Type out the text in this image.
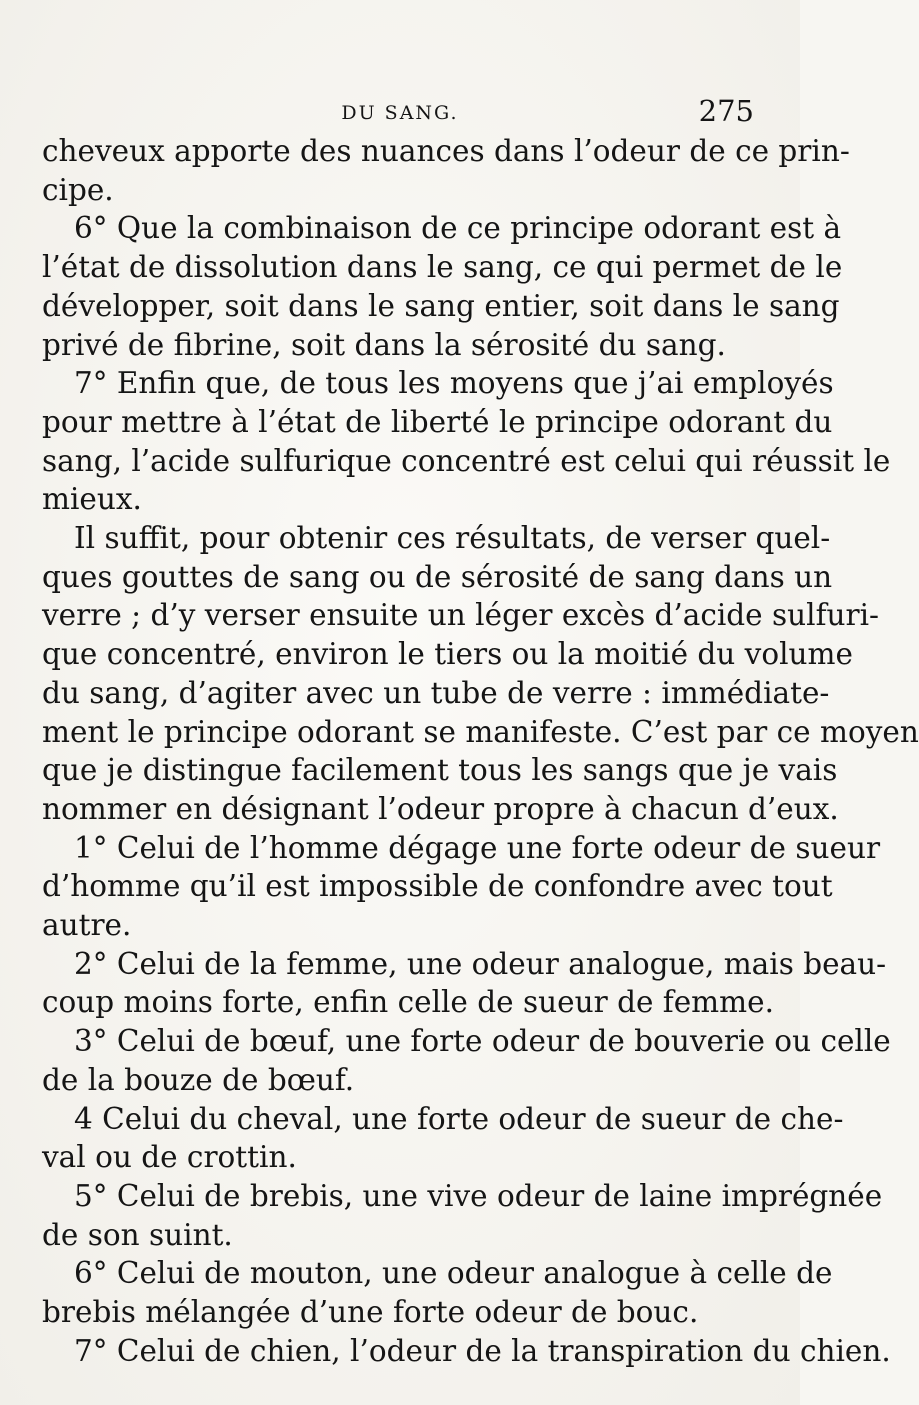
DU SANG.	275
cheveux apporte des nuances dans l’odeur de ce prin-
cipe.
6° Que la combinaison de ce principe odorant est à
l’état de dissolution dans le sang, ce qui permet de le
développer, soit dans le sang entier, soit dans le sang
privé de fibrine, soit dans la sérosité du sang.
7° Enfin que, de tous les moyens que j’ai employés
pour mettre à l’état de liberté le principe odorant du
sang, l’acide sulfurique concentré est celui qui réussit le
mieux.
Il suffit, pour obtenir ces résultats, de verser quel-
ques gouttes de sang ou de sérosité de sang dans un
verre ; d’y verser ensuite un léger excès d’acide sulfuri-
que concentré, environ le tiers ou la moitié du volume
du sang, d’agiter avec un tube de verre : immédiate-
ment le principe odorant se manifeste. C’est par ce moyen
que je distingue facilement tous les sangs que je vais
nommer en désignant l’odeur propre à chacun d’eux.
1° Celui de l’homme dégage une forte odeur de sueur
d’homme qu’il est impossible de confondre avec tout
autre.
2° Celui de la femme, une odeur analogue, mais beau-
coup moins forte, enfin celle de sueur de femme.
3° Celui de bœuf, une forte odeur de bouverie ou celle
de la bouze de bœuf.
4 Celui du cheval, une forte odeur de sueur de che-
val ou de crottin.
5° Celui de brebis, une vive odeur de laine imprégnée
de son suint.
6° Celui de mouton, une odeur analogue à celle de
brebis mélangée d’une forte odeur de bouc.
7° Celui de chien, l’odeur de la transpiration du chien.
